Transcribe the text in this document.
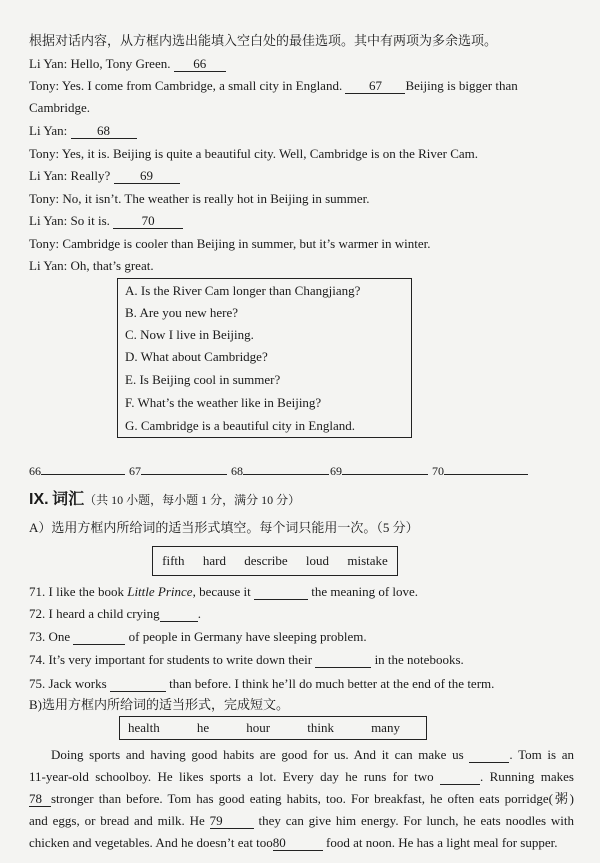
根据对话内容，从方框内选出能填入空白处的最佳选项。其中有两项为多余选项。
Li Yan: Hello, Tony Green. 66
Tony: Yes. I come from Cambridge, a small city in England. 67 Beijing is bigger than
Cambridge.
Li Yan: 68
Tony: Yes, it is. Beijing is quite a beautiful city. Well, Cambridge is on the River Cam.
Li Yan: Really? 69
Tony: No, it isn’t. The weather is really hot in Beijing in summer.
Li Yan: So it is. 70
Tony: Cambridge is cooler than Beijing in summer, but it’s warmer in winter.
Li Yan: Oh, that’s great.
A. Is the River Cam longer than Changjiang?
B. Are you new here?
C. Now I live in Beijing.
D. What about Cambridge?
E. Is Beijing cool in summer?
F. What’s the weather like in Beijing?
G. Cambridge is a beautiful city in England.
66	67	68	69	70
IX. 词汇（共 10 小题，每小题 1 分，满分 10 分）
A）选用方框内所给词的适当形式填空。每个词只能用一次。（5 分）
fifth hard describe loud mistake
71. I like the book Little Prince, because it	the meaning of love.
72. I heard a child crying	.
73. One	of people in Germany have sleeping problem.
74. It’s very important for students to write down their	in the notebooks.
75. Jack works	than before. I think he’ll do much better at the end of the term.
B)选用方框内所给词的适当形式，完成短文。
health	he	hour	think	many

Doing sports and having good habits are good for us. And it can make us	. Tom is an

11-year-old schoolboy. He likes sports a lot. Every day he runs for two	. Running makes

78 stronger than before. Tom has good eating habits, too. For breakfast, he often eats porridge(粥)

and eggs, or bread and milk. He 79 they can give him energy. For lunch, he eats noodles with

chicken and vegetables. And he doesn’t eat too80	food at noon. He has a light meal for supper.
